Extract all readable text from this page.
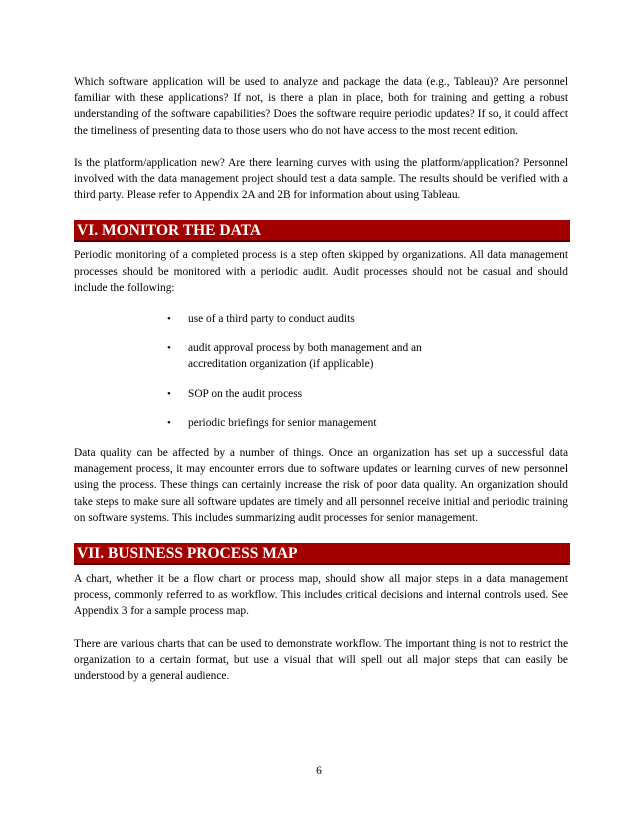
Which software application will be used to analyze and package the data (e.g., Tableau)? Are personnel familiar with these applications? If not, is there a plan in place, both for training and getting a robust understanding of the software capabilities? Does the software require periodic updates? If so, it could affect the timeliness of presenting data to those users who do not have access to the most recent edition.

Is the platform/application new? Are there learning curves with using the platform/application? Personnel involved with the data management project should test a data sample. The results should be verified with a third party. Please refer to Appendix 2A and 2B for information about using Tableau.

VI. MONITOR THE DATA

Periodic monitoring of a completed process is a step often skipped by organizations. All data management processes should be monitored with a periodic audit. Audit processes should not be casual and should include the following:

• use of a third party to conduct audits
• audit approval process by both management and an accreditation organization (if applicable)
• SOP on the audit process
• periodic briefings for senior management

Data quality can be affected by a number of things. Once an organization has set up a successful data management process, it may encounter errors due to software updates or learning curves of new personnel using the process. These things can certainly increase the risk of poor data quality. An organization should take steps to make sure all software updates are timely and all personnel receive initial and periodic training on software systems. This includes summarizing audit processes for senior management.

VII. BUSINESS PROCESS MAP

A chart, whether it be a flow chart or process map, should show all major steps in a data management process, commonly referred to as workflow. This includes critical decisions and internal controls used. See Appendix 3 for a sample process map.

There are various charts that can be used to demonstrate workflow. The important thing is not to restrict the organization to a certain format, but use a visual that will spell out all major steps that can easily be understood by a general audience.

6
